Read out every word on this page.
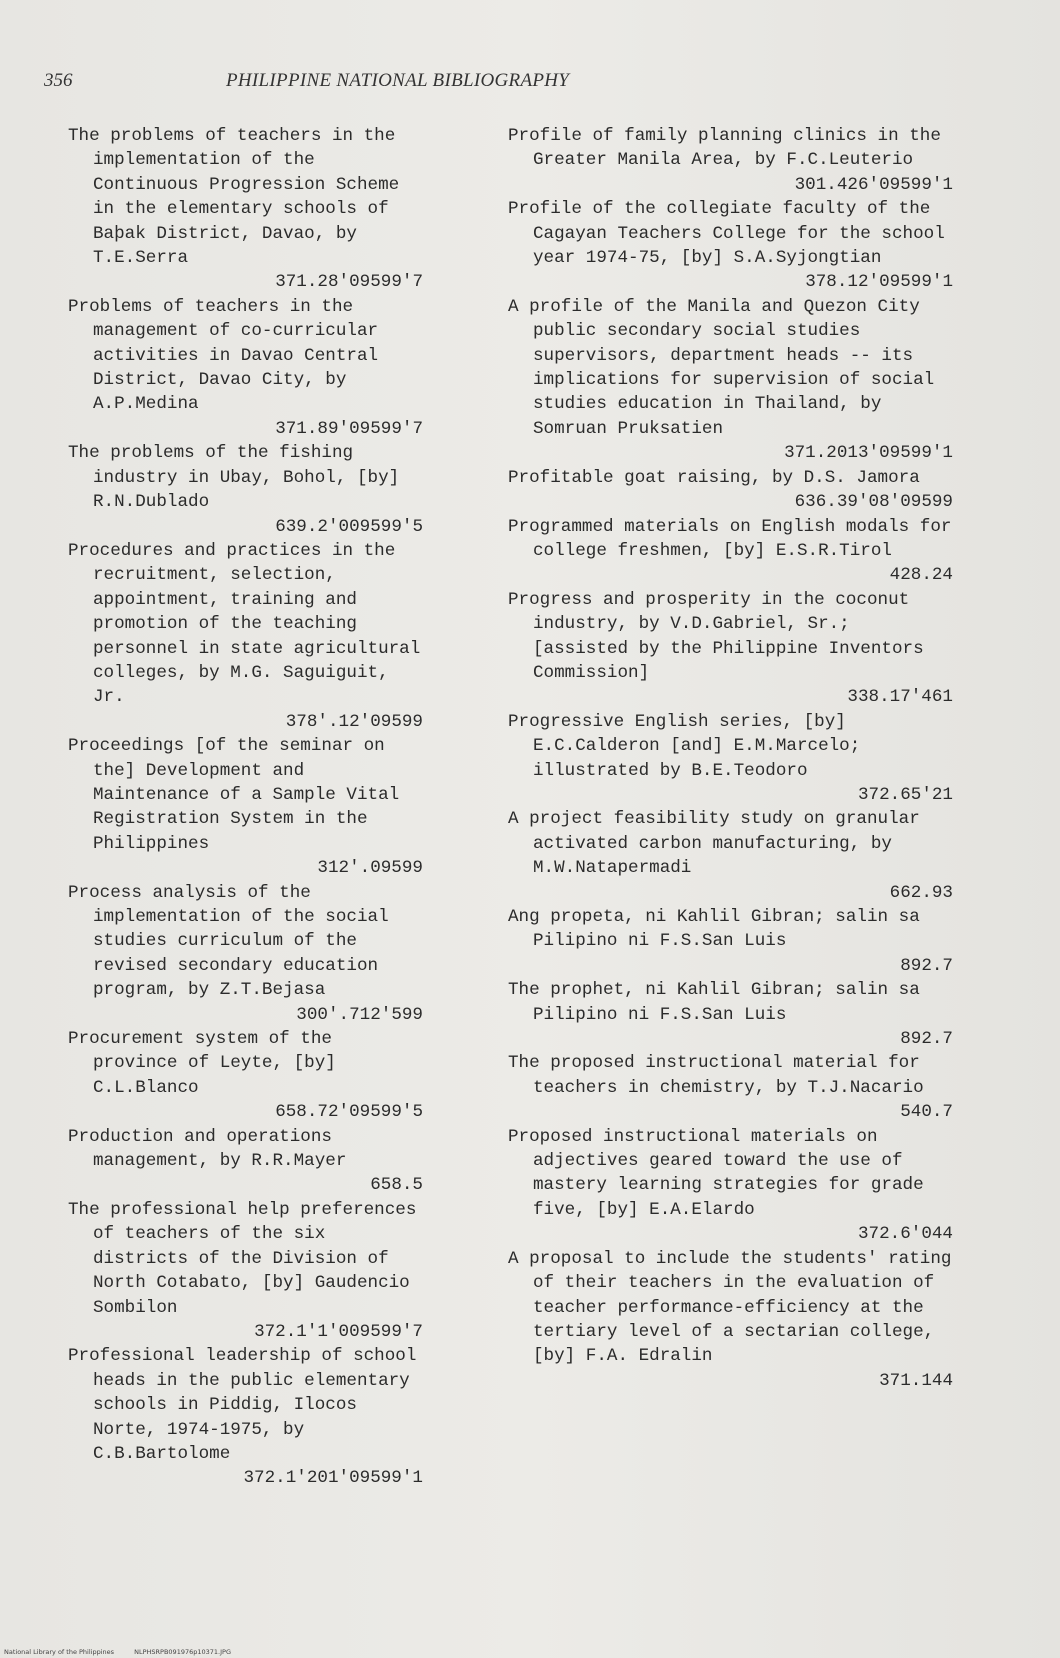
356	PHILIPPINE NATIONAL BIBLIOGRAPHY
The problems of teachers in the implementation of the Continuous Progression Scheme in the elementary schools of Baþak District, Davao, by T.E.Serra
371.28'09599'7
Problems of teachers in the management of co-curricular activities in Davao Central District, Davao City, by A.P.Medina
371.89'09599'7
The problems of the fishing industry in Ubay, Bohol, [by] R.N.Dublado
639.2'009599'5
Procedures and practices in the recruitment, selection, appointment, training and promotion of the teaching personnel in state agricultural colleges, by M.G. Saguiguit, Jr.
378'.12'09599
Proceedings [of the seminar on the] Development and Maintenance of a Sample Vital Registration System in the Philippines
312'.09599
Process analysis of the implementation of the social studies curriculum of the revised secondary education program, by Z.T.Bejasa
300'.712'599
Procurement system of the province of Leyte, [by] C.L.Blanco
658.72'09599'5
Production and operations management, by R.R.Mayer
658.5
The professional help preferences of teachers of the six districts of the Division of North Cotabato, [by] Gaudencio Sombilon
372.1'1'009599'7
Professional leadership of school heads in the public elementary schools in Piddig, Ilocos Norte, 1974-1975, by C.B.Bartolome
372.1'201'09599'1
Profile of family planning clinics in the Greater Manila Area, by F.C.Leuterio
301.426'09599'1
Profile of the collegiate faculty of the Cagayan Teachers College for the school year 1974-75, [by] S.A.Syjongtian
378.12'09599'1
A profile of the Manila and Quezon City public secondary social studies supervisors, department heads -- its implications for supervision of social studies education in Thailand, by Somruan Pruksatien
371.2013'09599'1
Profitable goat raising, by D.S. Jamora
636.39'08'09599
Programmed materials on English modals for college freshmen, [by] E.S.R.Tirol
428.24
Progress and prosperity in the coconut industry, by V.D.Gabriel, Sr.; [assisted by the Philippine Inventors Commission]
338.17'461
Progressive English series, [by] E.C.Calderon [and] E.M.Marcelo; illustrated by B.E.Teodoro
372.65'21
A project feasibility study on granular activated carbon manufacturing, by M.W.Natapermadi
662.93
Ang propeta, ni Kahlil Gibran; salin sa Pilipino ni F.S.San Luis
892.7
The prophet, ni Kahlil Gibran; salin sa Pilipino ni F.S.San Luis
892.7
The proposed instructional material for teachers in chemistry, by T.J.Nacario
540.7
Proposed instructional materials on adjectives geared toward the use of mastery learning strategies for grade five, [by] E.A.Elardo
372.6'044
A proposal to include the students' rating of their teachers in the evaluation of teacher performance-efficiency at the tertiary level of a sectarian college, [by] F.A. Edralin
371.144
National Library of the Philippines	NLPHSRPB091976p10371.JPG
